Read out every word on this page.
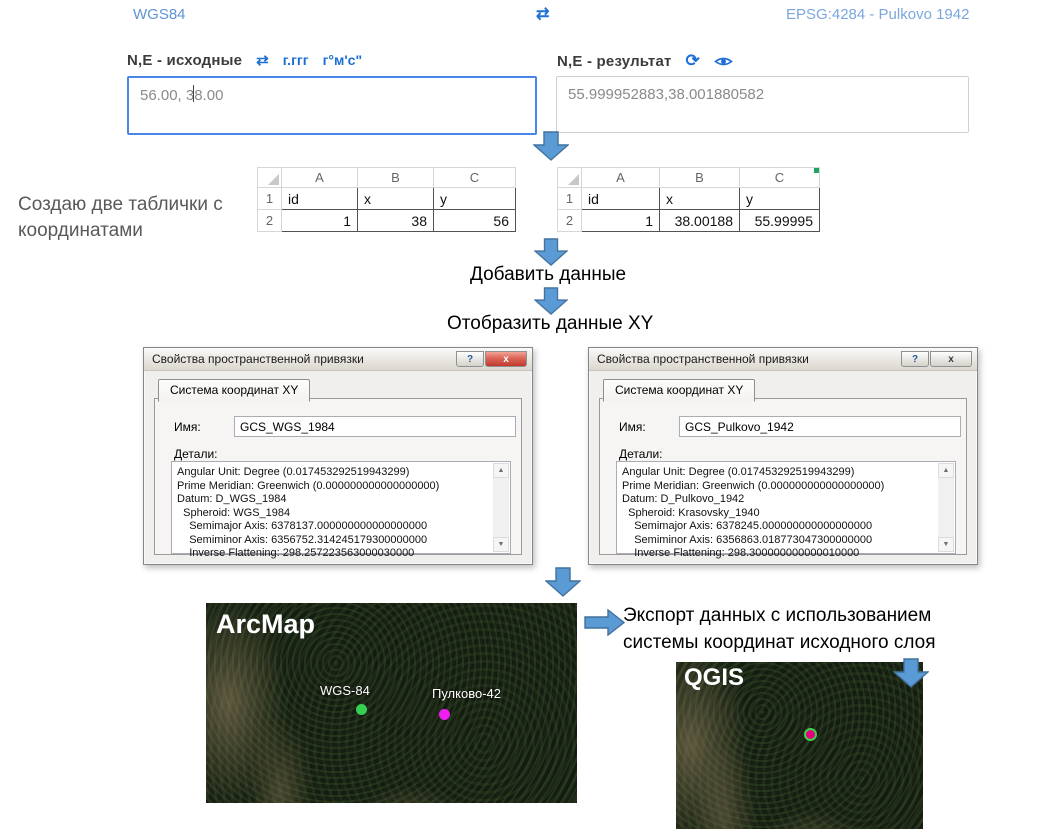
WGS84	⇄	EPSG:4284 - Pulkovo 1942
N,E - исходные ⇄ г.ггг г°м'с"	N,E - результат ⟳
56.00, 38.00
55.999952883,38.001880582
Создаю две таблички с координатами
	A	B	C
1	id	x	y
2	1	38	56
	A	B	C

1	id	x	y
2	1	38.00188	55.99995
Добавить данные
Отобразить данные XY
Свойства пространственной привязки	?	x
Система координат XY
Имя:	GCS_WGS_1984
Детали:
Angular Unit: Degree (0.017453292519943299)
Prime Meridian: Greenwich (0.000000000000000000)
Datum: D_WGS_1984
Spheroid: WGS_1984
Semimajor Axis: 6378137.000000000000000000
Semiminor Axis: 6356752.314245179300000000
Inverse Flattening: 298.257223563000030000
▲
▼
Свойства пространственной привязки	?	x
Система координат XY
Имя:	GCS_Pulkovo_1942
Детали:
Angular Unit: Degree (0.017453292519943299)
Prime Meridian: Greenwich (0.000000000000000000)
Datum: D_Pulkovo_1942
Spheroid: Krasovsky_1940
Semimajor Axis: 6378245.000000000000000000
Semiminor Axis: 6356863.018773047300000000
Inverse Flattening: 298.300000000000010000
▲
▼
ArcMap
WGS-84	Пулково-42
Экспорт данных с использованием системы координат исходного слоя
QGIS
